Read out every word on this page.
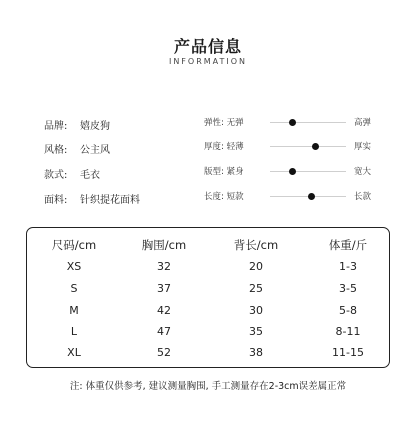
产品信息
INFORMATION
品牌: 嬉皮狗
风格: 公主风
款式: 毛衣
面料: 针织提花面料
弹性: 无弹	高弹
厚度: 轻薄	厚实
版型: 紧身	宽大
长度: 短款	长款
尺码/cm	胸围/cm	背长/cm	体重/斤
XS	32	20	1-3
S	37	25	3-5
M	42	30	5-8
L	47	35	8-11
XL	52	38	11-15
注: 体重仅供参考, 建议测量胸围, 手工测量存在2-3cm误差属正常
